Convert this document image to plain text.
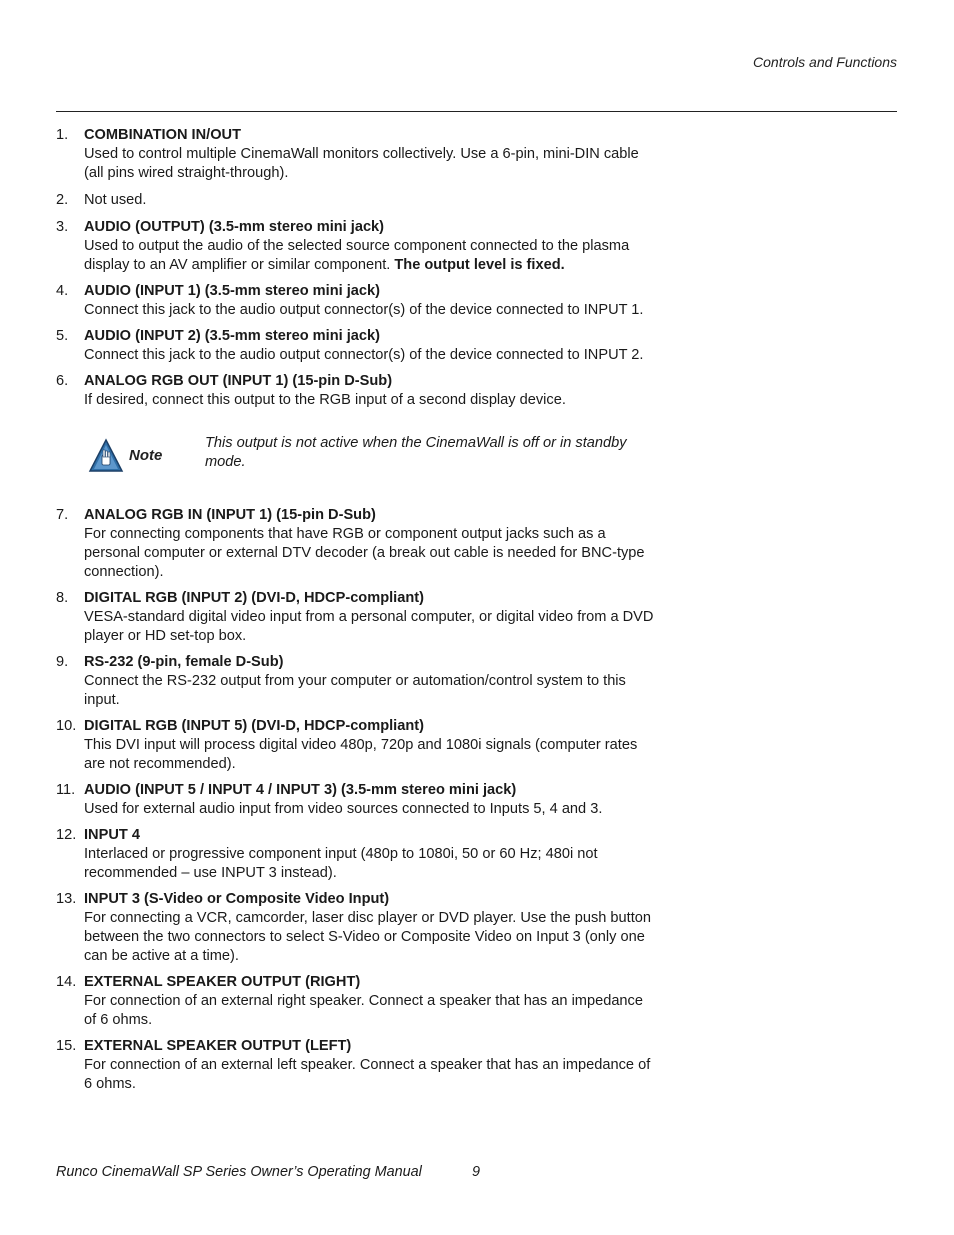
Controls and Functions
1.	COMBINATION IN/OUT
Used to control multiple CinemaWall monitors collectively. Use a 6-pin, mini-DIN cable (all pins wired straight-through).
2.	Not used.
3.	AUDIO (OUTPUT) (3.5-mm stereo mini jack)
Used to output the audio of the selected source component connected to the plasma display to an AV amplifier or similar component. The output level is fixed.
4.	AUDIO (INPUT 1) (3.5-mm stereo mini jack)
Connect this jack to the audio output connector(s) of the device connected to INPUT 1.
5.	AUDIO (INPUT 2) (3.5-mm stereo mini jack)
Connect this jack to the audio output connector(s) of the device connected to INPUT 2.
6.	ANALOG RGB OUT (INPUT 1) (15-pin D-Sub)
If desired, connect this output to the RGB input of a second display device.
Note
This output is not active when the CinemaWall is off or in standby mode.
7.	ANALOG RGB IN (INPUT 1) (15-pin D-Sub)
For connecting components that have RGB or component output jacks such as a personal computer or external DTV decoder (a break out cable is needed for BNC-type connection).
8.	DIGITAL RGB (INPUT 2) (DVI-D, HDCP-compliant)
VESA-standard digital video input from a personal computer, or digital video from a DVD player or HD set-top box.
9.	RS-232 (9-pin, female D-Sub)
Connect the RS-232 output from your computer or automation/control system to this input.
10. DIGITAL RGB (INPUT 5) (DVI-D, HDCP-compliant)
This DVI input will process digital video 480p, 720p and 1080i signals (computer rates are not recommended).
11. AUDIO (INPUT 5 / INPUT 4 / INPUT 3) (3.5-mm stereo mini jack)
Used for external audio input from video sources connected to Inputs 5, 4 and 3.
12. INPUT 4
Interlaced or progressive component input (480p to 1080i, 50 or 60 Hz; 480i not recommended – use INPUT 3 instead).
13. INPUT 3 (S-Video or Composite Video Input)
For connecting a VCR, camcorder, laser disc player or DVD player. Use the push button between the two connectors to select S-Video or Composite Video on Input 3 (only one can be active at a time).
14. EXTERNAL SPEAKER OUTPUT (RIGHT)
For connection of an external right speaker. Connect a speaker that has an impedance of 6 ohms.
15. EXTERNAL SPEAKER OUTPUT (LEFT)
For connection of an external left speaker. Connect a speaker that has an impedance of 6 ohms.
Runco CinemaWall SP Series Owner’s Operating Manual	9
